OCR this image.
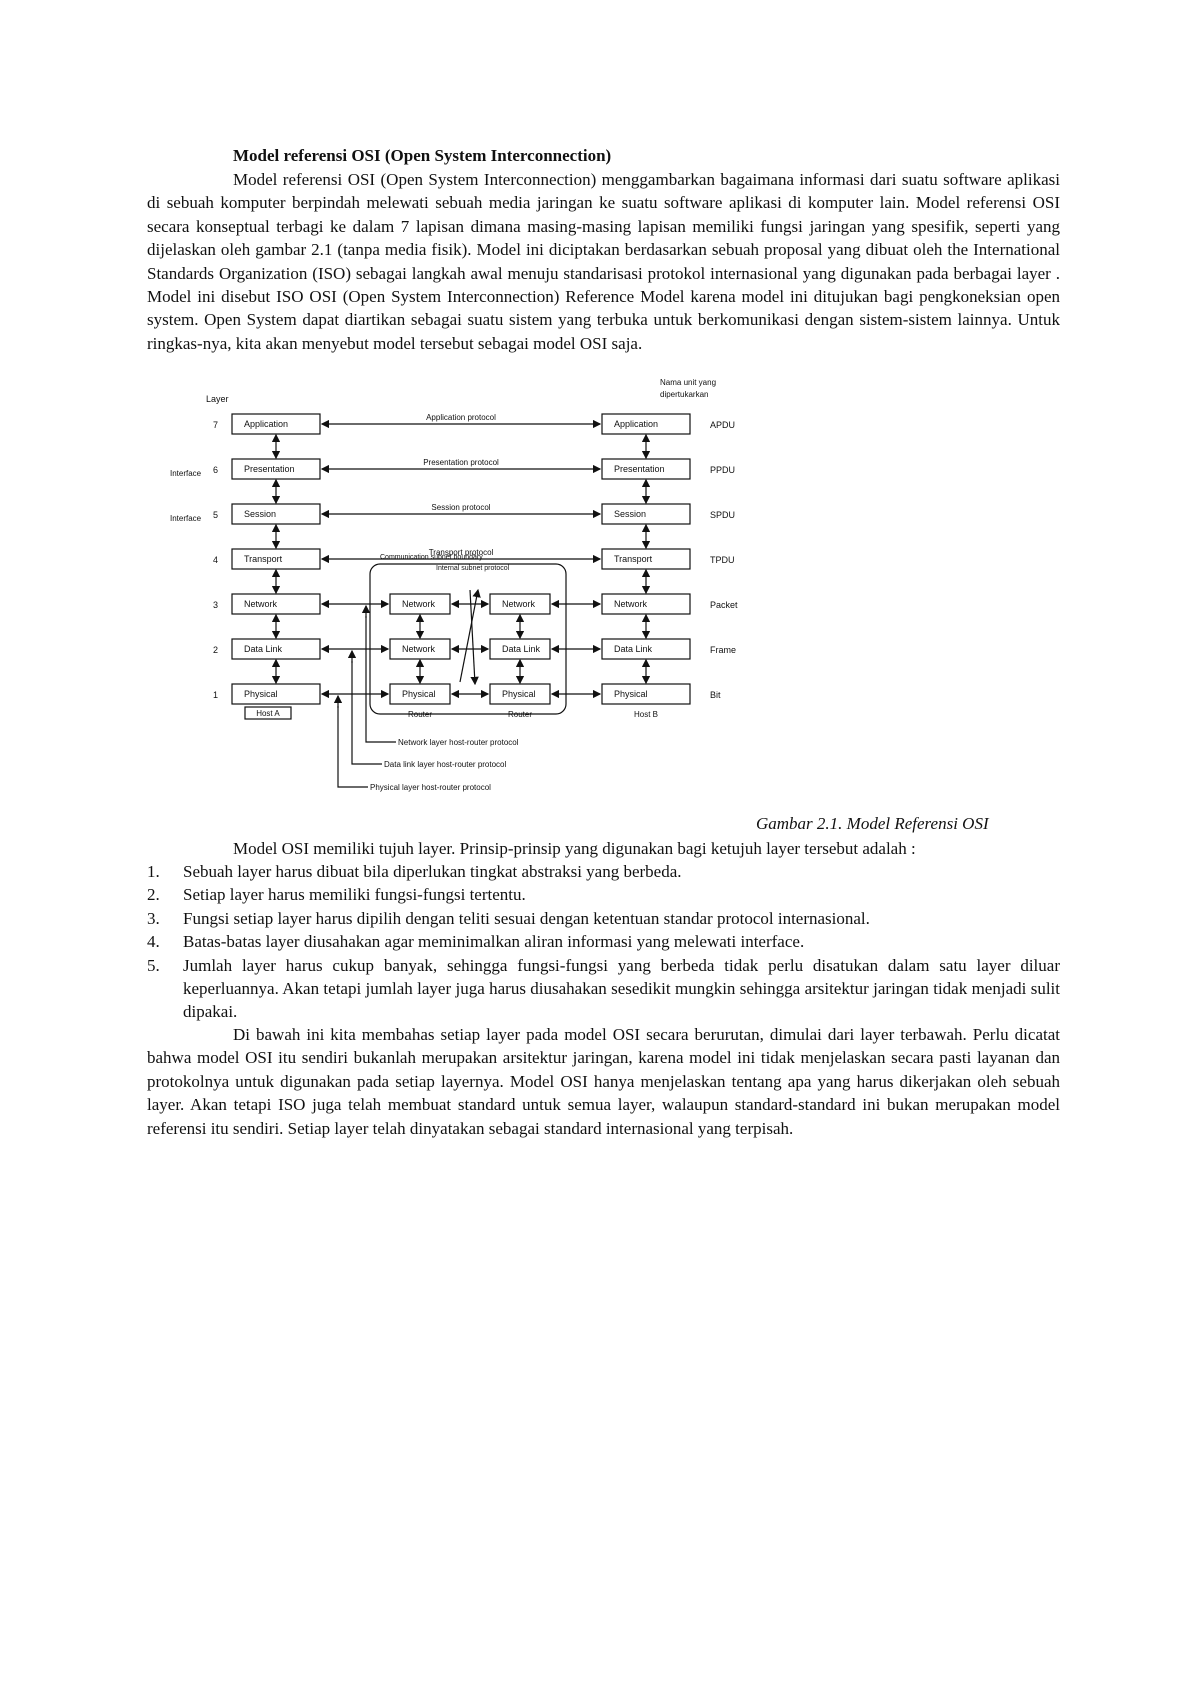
Model referensi OSI (Open System Interconnection)

Model referensi OSI (Open System Interconnection) menggambarkan bagaimana informasi dari suatu software aplikasi di sebuah komputer berpindah melewati sebuah media jaringan ke suatu software aplikasi di komputer lain. Model referensi OSI secara konseptual terbagi ke dalam 7 lapisan dimana masing-masing lapisan memiliki fungsi jaringan yang spesifik, seperti yang dijelaskan oleh gambar 2.1 (tanpa media fisik). Model ini diciptakan berdasarkan sebuah proposal yang dibuat oleh the International Standards Organization (ISO) sebagai langkah awal menuju standarisasi protokol internasional yang digunakan pada berbagai layer . Model ini disebut ISO OSI (Open System Interconnection) Reference Model karena model ini ditujukan bagi pengkoneksian open system. Open System dapat diartikan sebagai suatu sistem yang terbuka untuk berkomunikasi dengan sistem-sistem lainnya. Untuk ringkas-nya, kita akan menyebut model tersebut sebagai model OSI saja.

Layer
Nama unit yang
dipertukarkan
7	Application	Application	APDU
6	Presentation	Presentation	PPDU
5	Session	Session	SPDU
4	Transport	Transport	TPDU
3	Network	Network	Packet
2	Data Link	Data Link	Frame
1	Physical	Physical	Bit
Interface
Interface
Application protocol
Presentation protocol
Session protocol
Transport protocol
Communication subnet boundary
Internal subnet protocol
Network	Network
Network	Data Link
Physical	Physical
Host A	Router	Router	Host B
Network layer host-router protocol
Data link layer host-router protocol
Physical layer host-router protocol

Gambar 2.1. Model Referensi OSI

Model OSI memiliki tujuh layer. Prinsip-prinsip yang digunakan bagi ketujuh layer tersebut adalah :

1. Sebuah layer harus dibuat bila diperlukan tingkat abstraksi yang berbeda.
2. Setiap layer harus memiliki fungsi-fungsi tertentu.
3. Fungsi setiap layer harus dipilih dengan teliti sesuai dengan ketentuan standar protocol internasional.
4. Batas-batas layer diusahakan agar meminimalkan aliran informasi yang melewati interface.
5. Jumlah layer harus cukup banyak, sehingga fungsi-fungsi yang berbeda tidak perlu disatukan dalam satu layer diluar keperluannya. Akan tetapi jumlah layer juga harus diusahakan sesedikit mungkin sehingga arsitektur jaringan tidak menjadi sulit dipakai.

Di bawah ini kita membahas setiap layer pada model OSI secara berurutan, dimulai dari layer terbawah. Perlu dicatat bahwa model OSI itu sendiri bukanlah merupakan arsitektur jaringan, karena model ini tidak menjelaskan secara pasti layanan dan protokolnya untuk digunakan pada setiap layernya. Model OSI hanya menjelaskan tentang apa yang harus dikerjakan oleh sebuah layer. Akan tetapi ISO juga telah membuat standard untuk semua layer, walaupun standard-standard ini bukan merupakan model referensi itu sendiri. Setiap layer telah dinyatakan sebagai standard internasional yang terpisah.
